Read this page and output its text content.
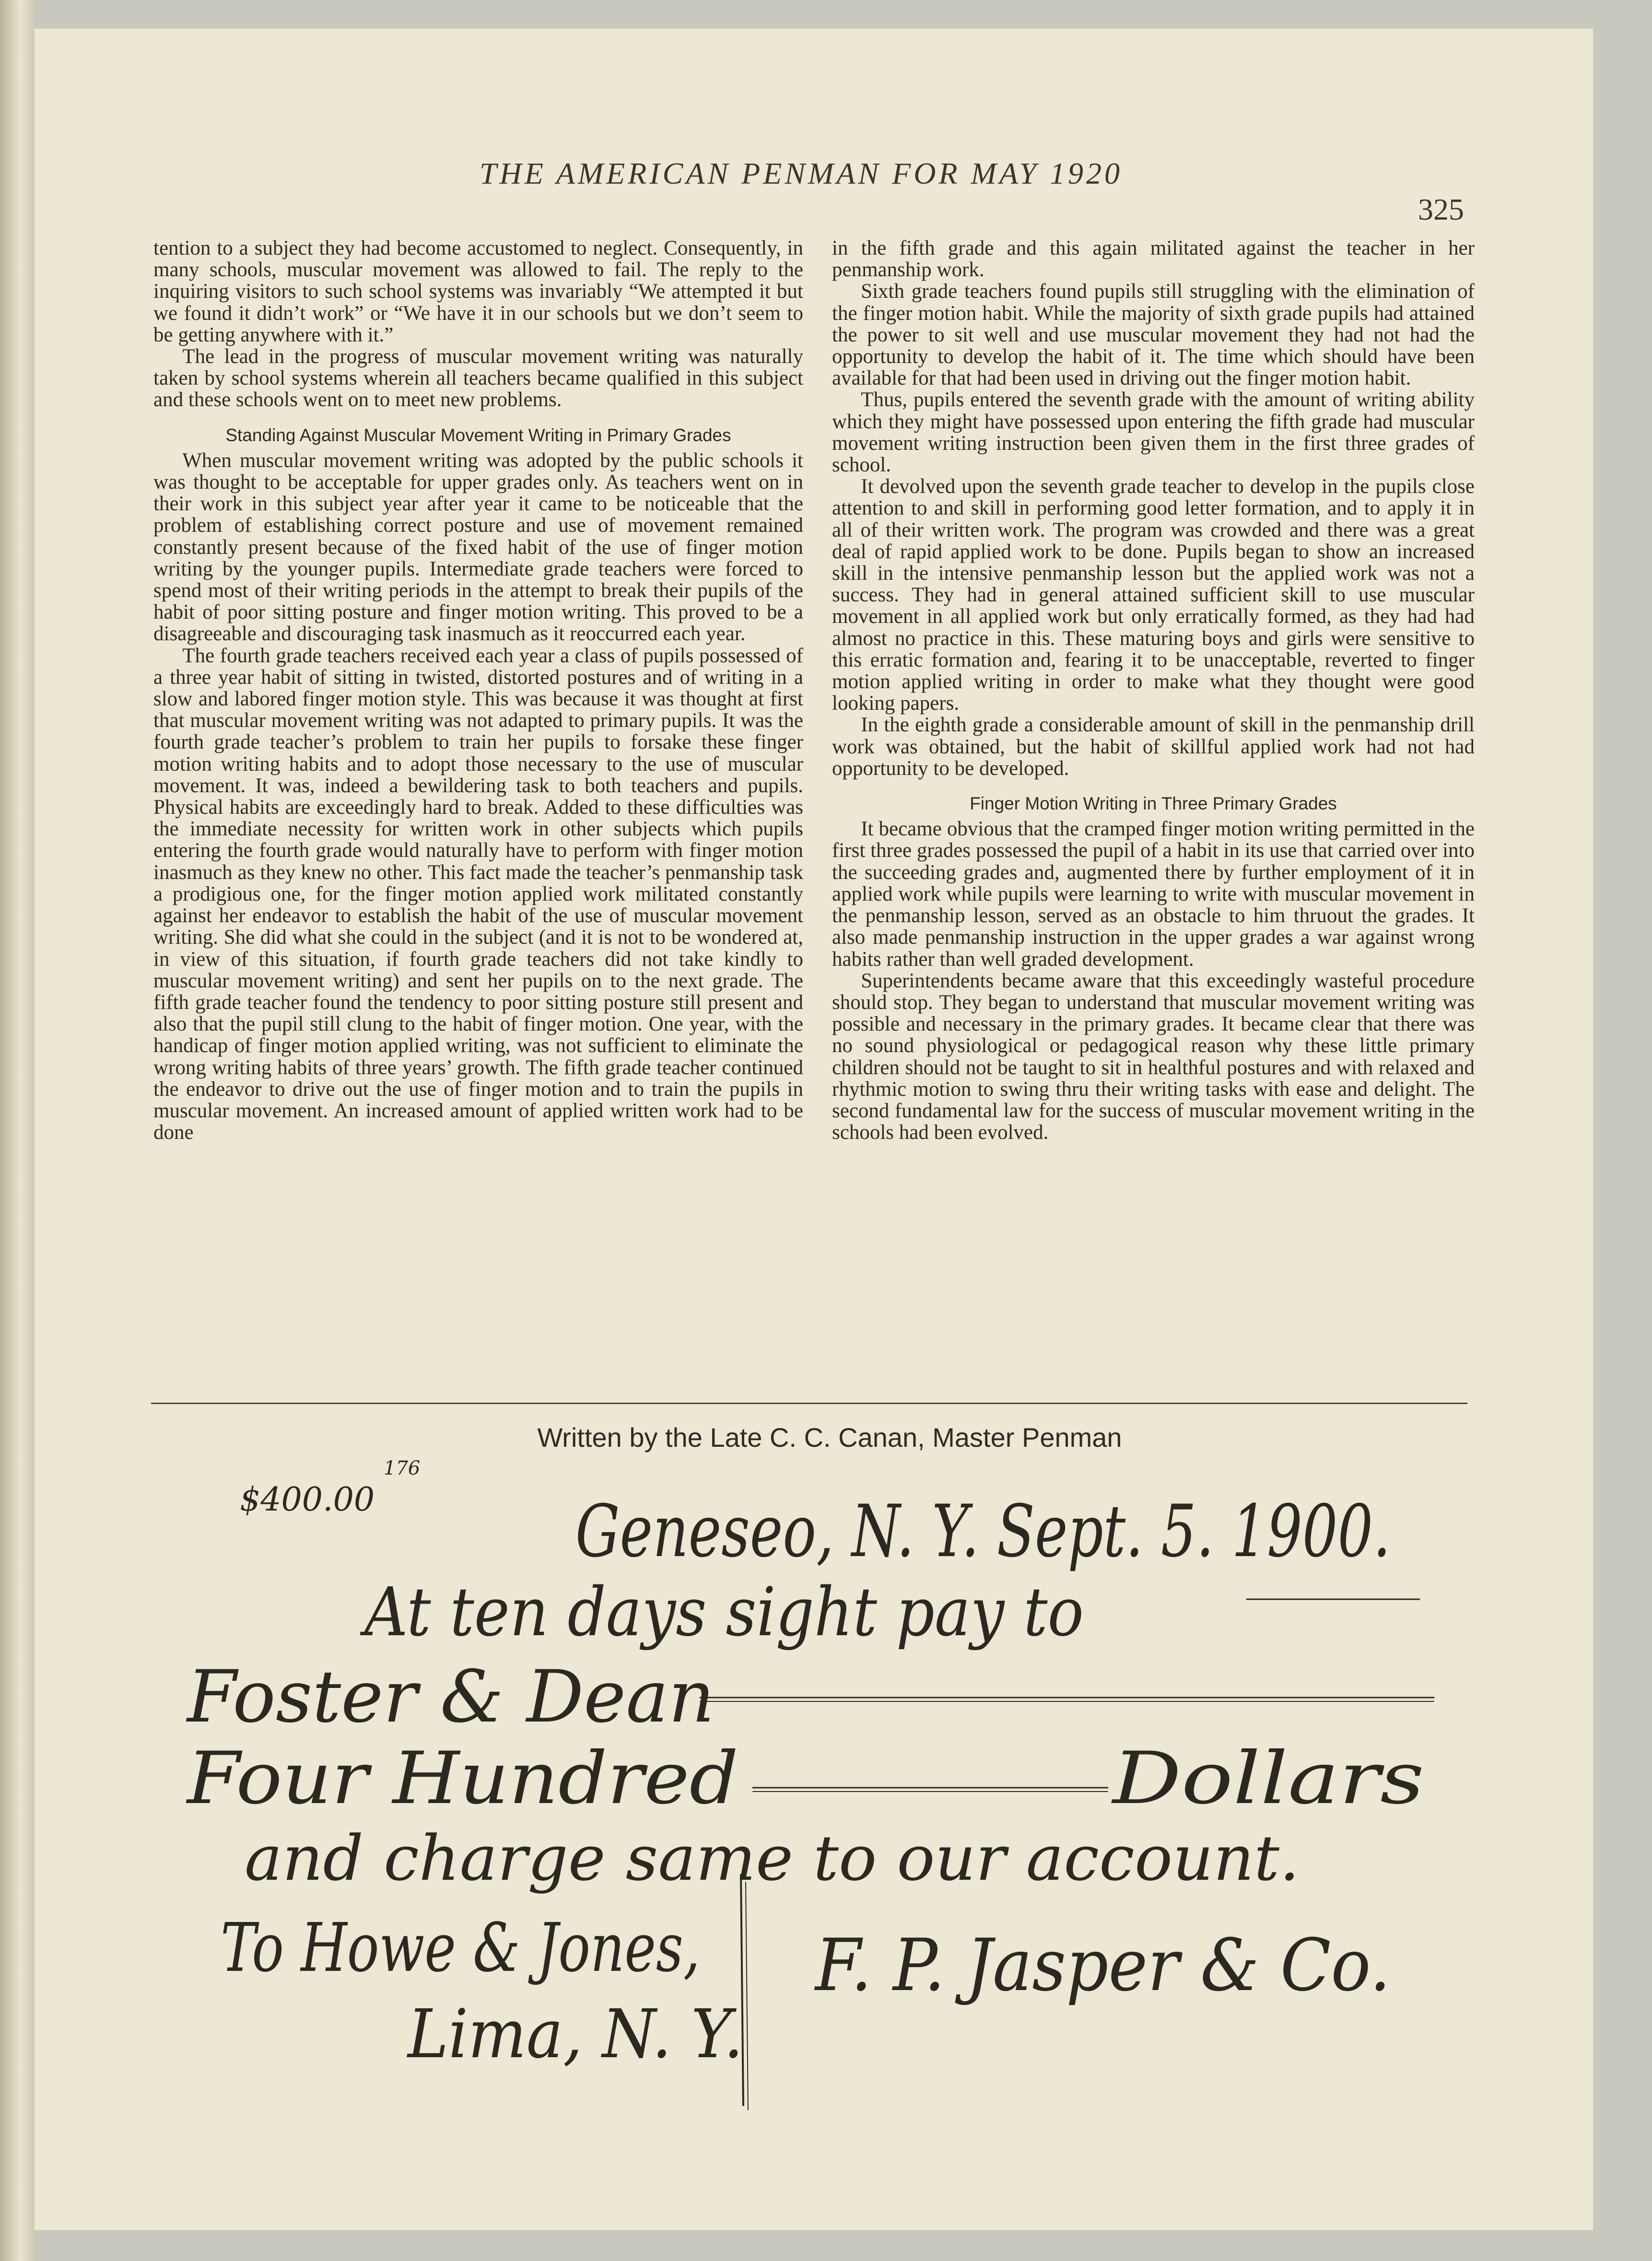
THE AMERICAN PENMAN FOR MAY 1920
325

tention to a subject they had become accustomed to neglect. Consequently, in many schools, muscular movement was allowed to fail. The reply to the inquiring visitors to such school systems was invariably “We attempted it but we found it didn’t work” or “We have it in our schools but we don’t seem to be getting anywhere with it.”

The lead in the progress of muscular movement writing was naturally taken by school systems wherein all teachers became qualified in this subject and these schools went on to meet new problems.

Standing Against Muscular Movement Writing in Primary Grades

When muscular movement writing was adopted by the public schools it was thought to be acceptable for upper grades only. As teachers went on in their work in this subject year after year it came to be noticeable that the problem of establishing correct posture and use of movement remained constantly present because of the fixed habit of the use of finger motion writing by the younger pupils. Intermediate grade teachers were forced to spend most of their writing periods in the attempt to break their pupils of the habit of poor sitting posture and finger motion writing. This proved to be a disagreeable and discouraging task inasmuch as it reoccurred each year.

The fourth grade teachers received each year a class of pupils possessed of a three year habit of sitting in twisted, distorted postures and of writing in a slow and labored finger motion style. This was because it was thought at first that muscular movement writing was not adapted to primary pupils. It was the fourth grade teacher’s problem to train her pupils to forsake these finger motion writing habits and to adopt those necessary to the use of muscular movement. It was, indeed a bewildering task to both teachers and pupils. Physical habits are exceedingly hard to break. Added to these difficulties was the immediate necessity for written work in other subjects which pupils entering the fourth grade would naturally have to perform with finger motion inasmuch as they knew no other. This fact made the teacher’s penmanship task a prodigious one, for the finger motion applied work militated constantly against her endeavor to establish the habit of the use of muscular movement writing. She did what she could in the subject (and it is not to be wondered at, in view of this situation, if fourth grade teachers did not take kindly to muscular movement writing) and sent her pupils on to the next grade. The fifth grade teacher found the tendency to poor sitting posture still present and also that the pupil still clung to the habit of finger motion. One year, with the handicap of finger motion applied writing, was not sufficient to eliminate the wrong writing habits of three years’ growth. The fifth grade teacher continued the endeavor to drive out the use of finger motion and to train the pupils in muscular movement. An increased amount of applied written work had to be done

in the fifth grade and this again militated against the teacher in her penmanship work.

Sixth grade teachers found pupils still struggling with the elimination of the finger motion habit. While the majority of sixth grade pupils had attained the power to sit well and use muscular movement they had not had the opportunity to develop the habit of it. The time which should have been available for that had been used in driving out the finger motion habit.

Thus, pupils entered the seventh grade with the amount of writing ability which they might have possessed upon entering the fifth grade had muscular movement writing instruction been given them in the first three grades of school.

It devolved upon the seventh grade teacher to develop in the pupils close attention to and skill in performing good letter formation, and to apply it in all of their written work. The program was crowded and there was a great deal of rapid applied work to be done. Pupils began to show an increased skill in the intensive penmanship lesson but the applied work was not a success. They had in general attained sufficient skill to use muscular movement in all applied work but only erratically formed, as they had had almost no practice in this. These maturing boys and girls were sensitive to this erratic formation and, fearing it to be unacceptable, reverted to finger motion applied writing in order to make what they thought were good looking papers.

In the eighth grade a considerable amount of skill in the penmanship drill work was obtained, but the habit of skillful applied work had not had opportunity to be developed.

Finger Motion Writing in Three Primary Grades

It became obvious that the cramped finger motion writing permitted in the first three grades possessed the pupil of a habit in its use that carried over into the succeeding grades and, augmented there by further employment of it in applied work while pupils were learning to write with muscular movement in the penmanship lesson, served as an obstacle to him thruout the grades. It also made penmanship instruction in the upper grades a war against wrong habits rather than well graded development.

Superintendents became aware that this exceedingly wasteful procedure should stop. They began to understand that muscular movement writing was possible and necessary in the primary grades. It became clear that there was no sound physiological or pedagogical reason why these little primary children should not be taught to sit in healthful postures and with relaxed and rhythmic motion to swing thru their writing tasks with ease and delight. The second fundamental law for the success of muscular movement writing in the schools had been evolved.

Written by the Late C. C. Canan, Master Penman
$400.00
176
Geneseo, N. Y. Sept. 5. 1900.
At ten days sight pay to
Foster & Dean
Four Hundred	Dollars
and charge same to our account.
To Howe & Jones,
Lima, N. Y.
F. P. Jasper & Co.
